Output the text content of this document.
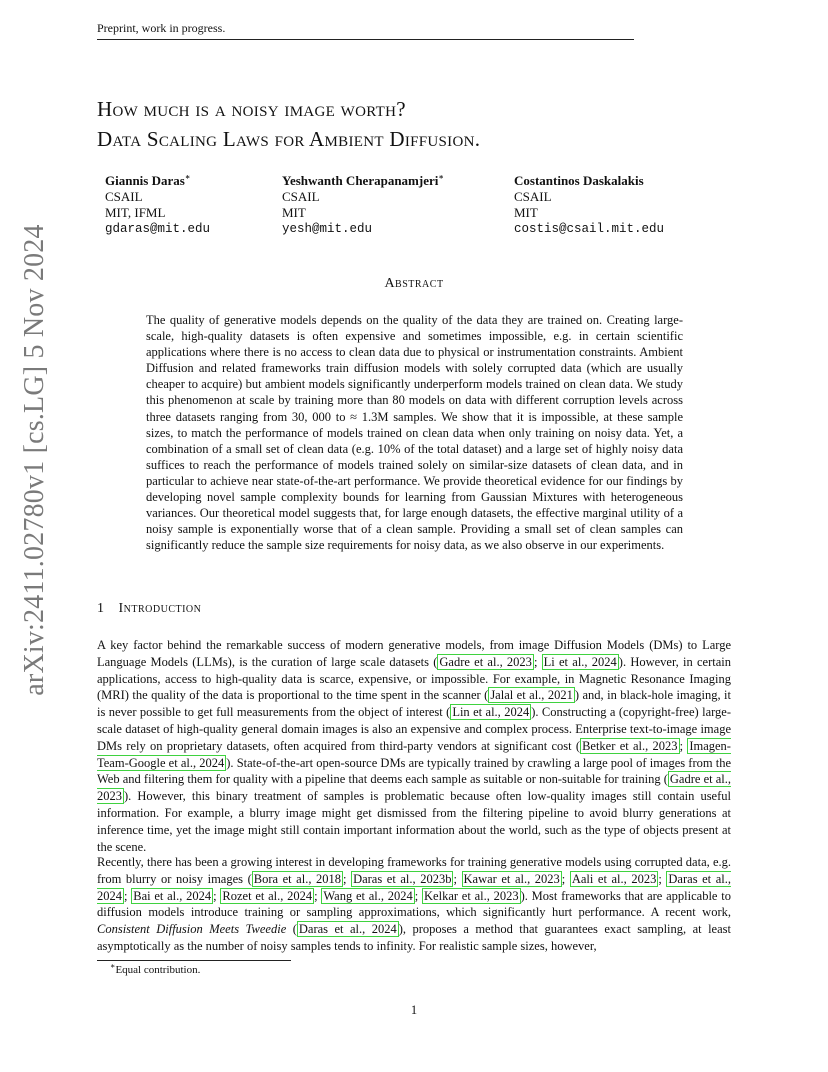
Preprint, work in progress.
arXiv:2411.02780v1 [cs.LG] 5 Nov 2024
How much is a noisy image worth?
Data Scaling Laws for Ambient Diffusion.
Giannis Daras∗
CSAIL
MIT, IFML
gdaras@mit.edu
Yeshwanth Cherapanamjeri∗
CSAIL
MIT
yesh@mit.edu
Costantinos Daskalakis
CSAIL
MIT
costis@csail.mit.edu
Abstract
The quality of generative models depends on the quality of the data they are trained on. Creating large-scale, high-quality datasets is often expensive and sometimes impossible, e.g. in certain scientific applications where there is no access to clean data due to physical or instrumentation constraints. Ambient Diffusion and related frameworks train diffusion models with solely corrupted data (which are usually cheaper to acquire) but ambient models significantly underperform models trained on clean data. We study this phenomenon at scale by training more than 80 models on data with different corruption levels across three datasets ranging from 30, 000 to ≈ 1.3M samples. We show that it is impossible, at these sample sizes, to match the performance of models trained on clean data when only training on noisy data. Yet, a combination of a small set of clean data (e.g. 10% of the total dataset) and a large set of highly noisy data suffices to reach the performance of models trained solely on similar-size datasets of clean data, and in particular to achieve near state-of-the-art performance. We provide theoretical evidence for our findings by developing novel sample complexity bounds for learning from Gaussian Mixtures with heterogeneous variances. Our theoretical model suggests that, for large enough datasets, the effective marginal utility of a noisy sample is exponentially worse that of a clean sample. Providing a small set of clean samples can significantly reduce the sample size requirements for noisy data, as we also observe in our experiments.
1 Introduction
A key factor behind the remarkable success of modern generative models, from image Diffusion Models (DMs) to Large Language Models (LLMs), is the curation of large scale datasets ( Gadre et al., 2023 ; Li et al., 2024 ). However, in certain applications, access to high-quality data is scarce, expensive, or impossible. For example, in Magnetic Resonance Imaging (MRI) the quality of the data is proportional to the time spent in the scanner ( Jalal et al., 2021 ) and, in black-hole imaging, it is never possible to get full measurements from the object of interest ( Lin et al., 2024 ). Constructing a (copyright-free) large-scale dataset of high-quality general domain images is also an expensive and complex process. Enterprise text-to-image image DMs rely on proprietary datasets, often acquired from third-party vendors at significant cost ( Betker et al., 2023 ; Imagen-Team-Google et al., 2024 ). State-of-the-art open-source DMs are typically trained by crawling a large pool of images from the Web and filtering them for quality with a pipeline that deems each sample as suitable or non-suitable for training ( Gadre et al., 2023 ). However, this binary treatment of samples is problematic because often low-quality images still contain useful information. For example, a blurry image might get dismissed from the filtering pipeline to avoid blurry generations at inference time, yet the image might still contain important information about the world, such as the type of objects present at the scene.
Recently, there has been a growing interest in developing frameworks for training generative models using corrupted data, e.g. from blurry or noisy images ( Bora et al., 2018 ; Daras et al., 2023b ; Kawar et al., 2023 ; Aali et al., 2023 ; Daras et al., 2024 ; Bai et al., 2024 ; Rozet et al., 2024 ; Wang et al., 2024 ; Kelkar et al., 2023 ). Most frameworks that are applicable to diffusion models introduce training or sampling approximations, which significantly hurt performance. A recent work, Consistent Diffusion Meets Tweedie ( Daras et al., 2024 ), proposes a method that guarantees exact sampling, at least asymptotically as the number of noisy samples tends to infinity. For realistic sample sizes, however,
∗Equal contribution.
1
